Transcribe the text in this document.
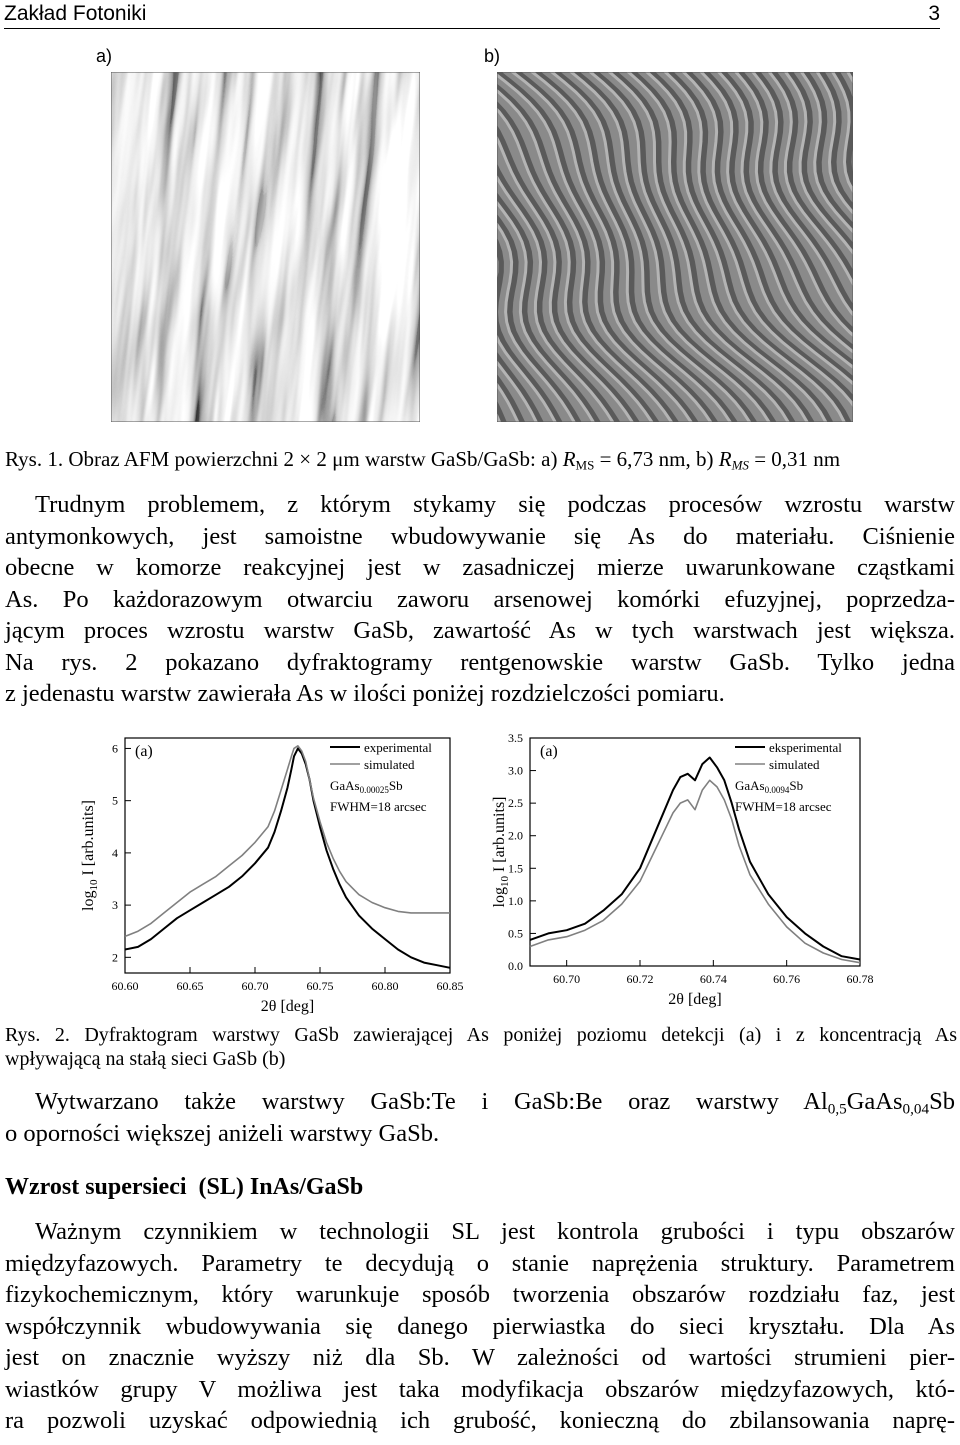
Zakład Fotoniki	3
a)	b)
Rys. 1. Obraz AFM powierzchni 2 × 2 μm warstw GaSb/GaSb: a) $R_{MS} = 6,73$ nm, b) $R_{MS} = 0,31$ nm
Trudnym problemem, z którym stykamy się podczas procesów wzrostu warstw
antymonkowych, jest samoistne wbudowywanie się As do materiału. Ciśnienie
obecne w komorze reakcyjnej jest w zasadniczej mierze uwarunkowane cząstkami
As. Po każdorazowym otwarciu zaworu arsenowej komórki efuzyjnej, poprzedza-
jącym proces wzrostu warstw GaSb, zawartość As w tych warstwach jest większa.
Na rys. 2 pokazano dyfraktogramy rentgenowskie warstw GaSb. Tylko jedna
z jedenastu warstw zawierała As w ilości poniżej rozdzielczości pomiaru.
60.60	60.65	60.70	60.75	60.80	60.85
2
3
4
5
6
2θ [deg]
$\log_{10} I$ [arb.units]
(a)	experimental
simulated
GaAs$_{0.00025}$Sb
FWHM=18 arcsec
60.70	60.72	60.74	60.76	60.78
0.0
0.5
1.0
1.5
2.0
2.5
3.0
3.5
2θ [deg]
$\log_{10} I$ [arb.units]
(a)	eksperimental
simulated
GaAs$_{0.0094}$Sb
FWHM=18 arcsec
Rys. 2. Dyfraktogram warstwy GaSb zawierającej As poniżej poziomu detekcji (a) i z koncentracją As
wpływającą na stałą sieci GaSb (b)
Wytwarzano także warstwy GaSb:Te i GaSb:Be oraz warstwy $Al_{0,5}GaAs_{0,04}Sb$
o oporności większej aniżeli warstwy GaSb.
Wzrost supersieci  (SL) InAs/GaSb
Ważnym czynnikiem w technologii SL jest kontrola grubości i typu obszarów
międzyfazowych. Parametry te decydują o stanie naprężenia struktury. Parametrem
fizykochemicznym, który warunkuje sposób tworzenia obszarów rozdziału faz, jest
współczynnik wbudowywania się danego pierwiastka do sieci kryształu. Dla As
jest on znacznie wyższy niż dla Sb. W zależności od wartości strumieni pier-
wiastków grupy V możliwa jest taka modyfikacja obszarów międzyfazowych, któ-
ra pozwoli uzyskać odpowiednią ich grubość, konieczną do zbilansowania naprę-
